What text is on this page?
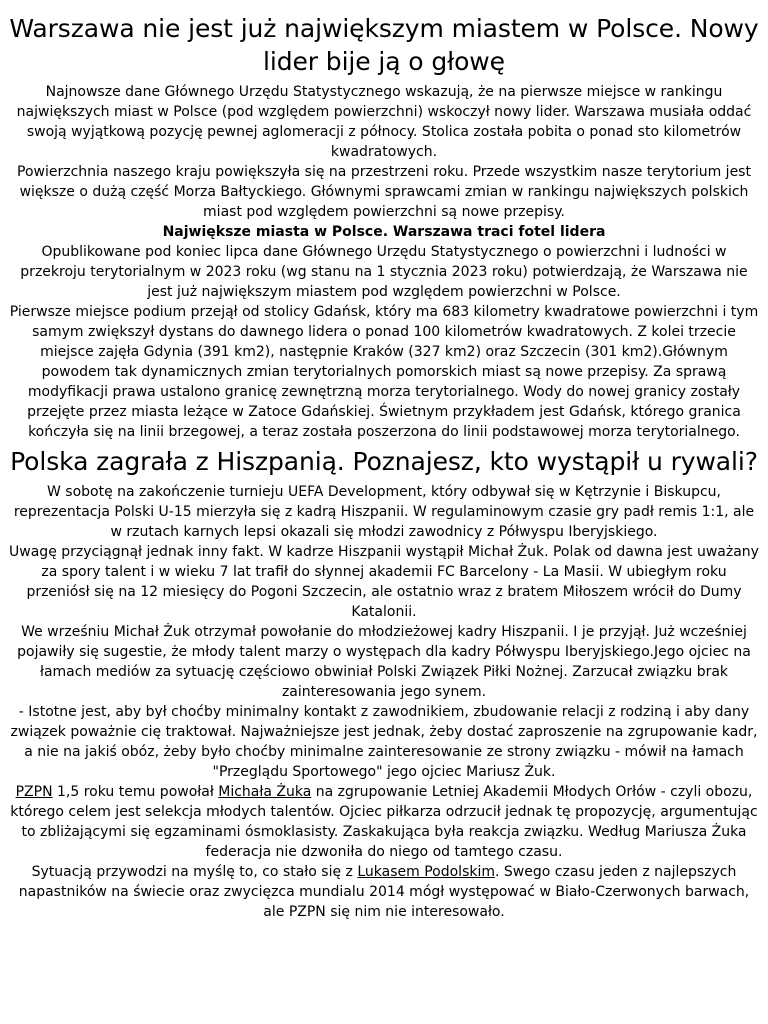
Warszawa nie jest już największym miastem w Polsce. Nowy lider bije ją o głowę

Najnowsze dane Głównego Urzędu Statystycznego wskazują, że na pierwsze miejsce w rankingu największych miast w Polsce (pod względem powierzchni) wskoczył nowy lider. Warszawa musiała oddać swoją wyjątkową pozycję pewnej aglomeracji z północy. Stolica została pobita o ponad sto kilometrów kwadratowych.

Powierzchnia naszego kraju powiększyła się na przestrzeni roku. Przede wszystkim nasze terytorium jest większe o dużą część Morza Bałtyckiego. Głównymi sprawcami zmian w rankingu największych polskich miast pod względem powierzchni są nowe przepisy.

Największe miasta w Polsce. Warszawa traci fotel lidera

Opublikowane pod koniec lipca dane Głównego Urzędu Statystycznego o powierzchni i ludności w przekroju terytorialnym w 2023 roku (wg stanu na 1 stycznia 2023 roku) potwierdzają, że Warszawa nie jest już największym miastem pod względem powierzchni w Polsce.

Pierwsze miejsce podium przejął od stolicy Gdańsk, który ma 683 kilometry kwadratowe powierzchni i tym samym zwiększył dystans do dawnego lidera o ponad 100 kilometrów kwadratowych. Z kolei trzecie miejsce zajęła Gdynia (391 km2), następnie Kraków (327 km2) oraz Szczecin (301 km2).Głównym powodem tak dynamicznych zmian terytorialnych pomorskich miast są nowe przepisy. Za sprawą modyfikacji prawa ustalono granicę zewnętrzną morza terytorialnego. Wody do nowej granicy zostały przejęte przez miasta leżące w Zatoce Gdańskiej. Świetnym przykładem jest Gdańsk, którego granica kończyła się na linii brzegowej, a teraz została poszerzona do linii podstawowej morza terytorialnego.

Polska zagrała z Hiszpanią. Poznajesz, kto wystąpił u rywali?

W sobotę na zakończenie turnieju UEFA Development, który odbywał się w Kętrzynie i Biskupcu, reprezentacja Polski U-15 mierzyła się z kadrą Hiszpanii. W regulaminowym czasie gry padł remis 1:1, ale w rzutach karnych lepsi okazali się młodzi zawodnicy z Półwyspu Iberyjskiego.

Uwagę przyciągnął jednak inny fakt. W kadrze Hiszpanii wystąpił Michał Żuk. Polak od dawna jest uważany za spory talent i w wieku 7 lat trafił do słynnej akademii FC Barcelony - La Masii. W ubiegłym roku przeniósł się na 12 miesięcy do Pogoni Szczecin, ale ostatnio wraz z bratem Miłoszem wrócił do Dumy Katalonii.

We wrześniu Michał Żuk otrzymał powołanie do młodzieżowej kadry Hiszpanii. I je przyjął. Już wcześniej pojawiły się sugestie, że młody talent marzy o występach dla kadry Półwyspu Iberyjskiego.Jego ojciec na łamach mediów za sytuację częściowo obwiniał Polski Związek Piłki Nożnej. Zarzucał związku brak zainteresowania jego synem.

- Istotne jest, aby był choćby minimalny kontakt z zawodnikiem, zbudowanie relacji z rodziną i aby dany związek poważnie cię traktował. Najważniejsze jest jednak, żeby dostać zaproszenie na zgrupowanie kadr, a nie na jakiś obóz, żeby było choćby minimalne zainteresowanie ze strony związku - mówił na łamach "Przeglądu Sportowego" jego ojciec Mariusz Żuk.

PZPN 1,5 roku temu powołał Michała Żuka na zgrupowanie Letniej Akademii Młodych Orłów - czyli obozu, którego celem jest selekcja młodych talentów. Ojciec piłkarza odrzucił jednak tę propozycję, argumentując to zbliżającymi się egzaminami ósmoklasisty. Zaskakująca była reakcja związku. Według Mariusza Żuka federacja nie dzwoniła do niego od tamtego czasu.

Sytuacją przywodzi na myślę to, co stało się z Lukasem Podolskim. Swego czasu jeden z najlepszych napastników na świecie oraz zwycięzca mundialu 2014 mógł występować w Biało-Czerwonych barwach, ale PZPN się nim nie interesowało.
